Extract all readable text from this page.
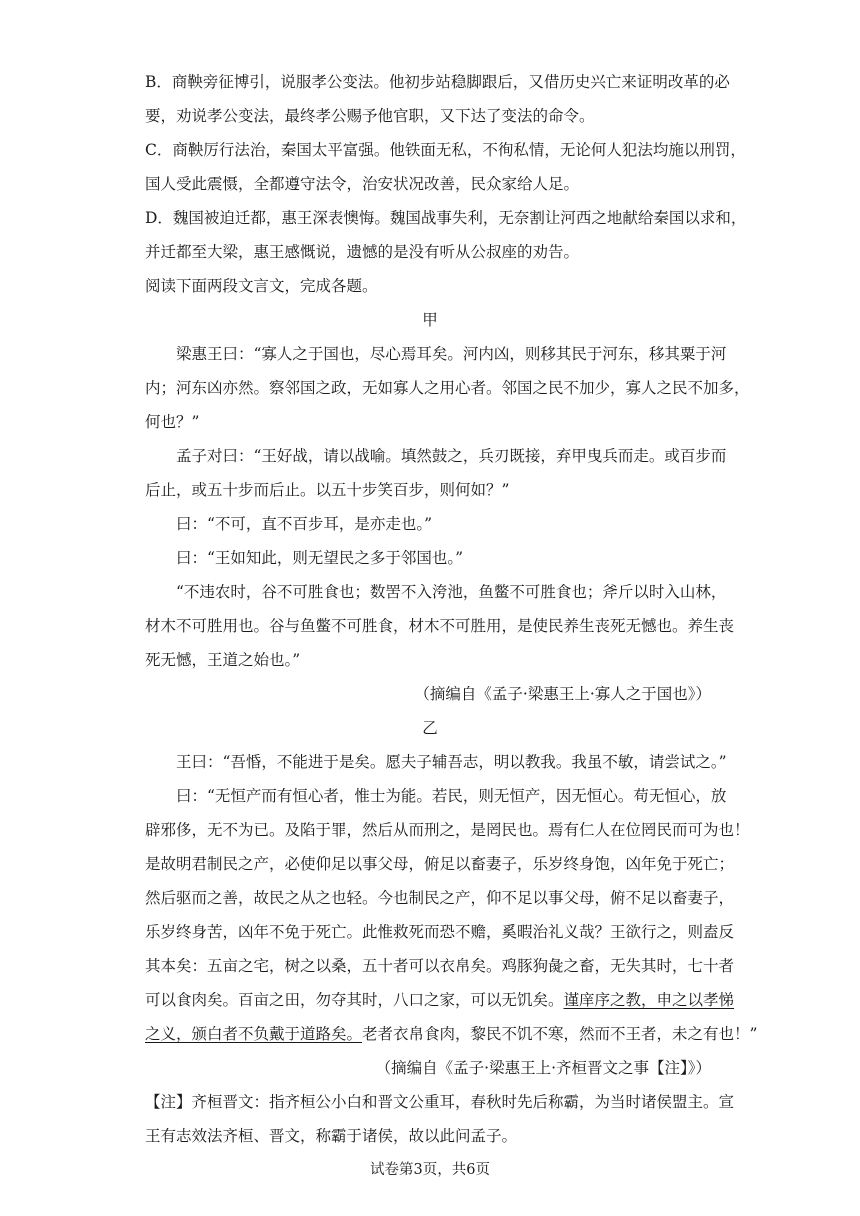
B．商鞅旁征博引，说服孝公变法。他初步站稳脚跟后，又借历史兴亡来证明改革的必
要，劝说孝公变法，最终孝公赐予他官职，又下达了变法的命令。
C．商鞅厉行法治，秦国太平富强。他铁面无私，不徇私情，无论何人犯法均施以刑罚，
国人受此震慑，全都遵守法令，治安状况改善，民众家给人足。
D．魏国被迫迁都，惠王深表懊悔。魏国战事失利，无奈割让河西之地献给秦国以求和，
并迁都至大梁，惠王感慨说，遗憾的是没有听从公叔座的劝告。
阅读下面两段文言文，完成各题。
甲
梁惠王曰：“寡人之于国也，尽心焉耳矣。河内凶，则移其民于河东，移其粟于河
内；河东凶亦然。察邻国之政，无如寡人之用心者。邻国之民不加少，寡人之民不加多，
何也？”
孟子对曰：“王好战，请以战喻。填然鼓之，兵刃既接，弃甲曳兵而走。或百步而
后止，或五十步而后止。以五十步笑百步，则何如？”
曰：“不可，直不百步耳，是亦走也。”
曰：“王如知此，则无望民之多于邻国也。”
“不违农时，谷不可胜食也；数罟不入洿池，鱼鳖不可胜食也；斧斤以时入山林，
材木不可胜用也。谷与鱼鳖不可胜食，材木不可胜用，是使民养生丧死无憾也。养生丧
死无憾，王道之始也。”
（摘编自《孟子·梁惠王上·寡人之于国也》）
乙
王曰：“吾惛，不能进于是矣。愿夫子辅吾志，明以教我。我虽不敏，请尝试之。”
曰：“无恒产而有恒心者，惟士为能。若民，则无恒产，因无恒心。苟无恒心，放
辟邪侈，无不为已。及陷于罪，然后从而刑之，是罔民也。焉有仁人在位罔民而可为也！
是故明君制民之产，必使仰足以事父母，俯足以畜妻子，乐岁终身饱，凶年免于死亡；
然后驱而之善，故民之从之也轻。今也制民之产，仰不足以事父母，俯不足以畜妻子，
乐岁终身苦，凶年不免于死亡。此惟救死而恐不赡，奚暇治礼义哉？王欲行之，则盍反
其本矣：五亩之宅，树之以桑，五十者可以衣帛矣。鸡豚狗彘之畜，无失其时，七十者
可以食肉矣。百亩之田，勿夺其时，八口之家，可以无饥矣。谨庠序之教，申之以孝悌
之义，颁白者不负戴于道路矣。老者衣帛食肉，黎民不饥不寒，然而不王者，未之有也！”
（摘编自《孟子·梁惠王上·齐桓晋文之事【注】》）
【注】齐桓晋文：指齐桓公小白和晋文公重耳，春秋时先后称霸，为当时诸侯盟主。宣
王有志效法齐桓、晋文，称霸于诸侯，故以此问孟子。
试卷第3页，共6页
